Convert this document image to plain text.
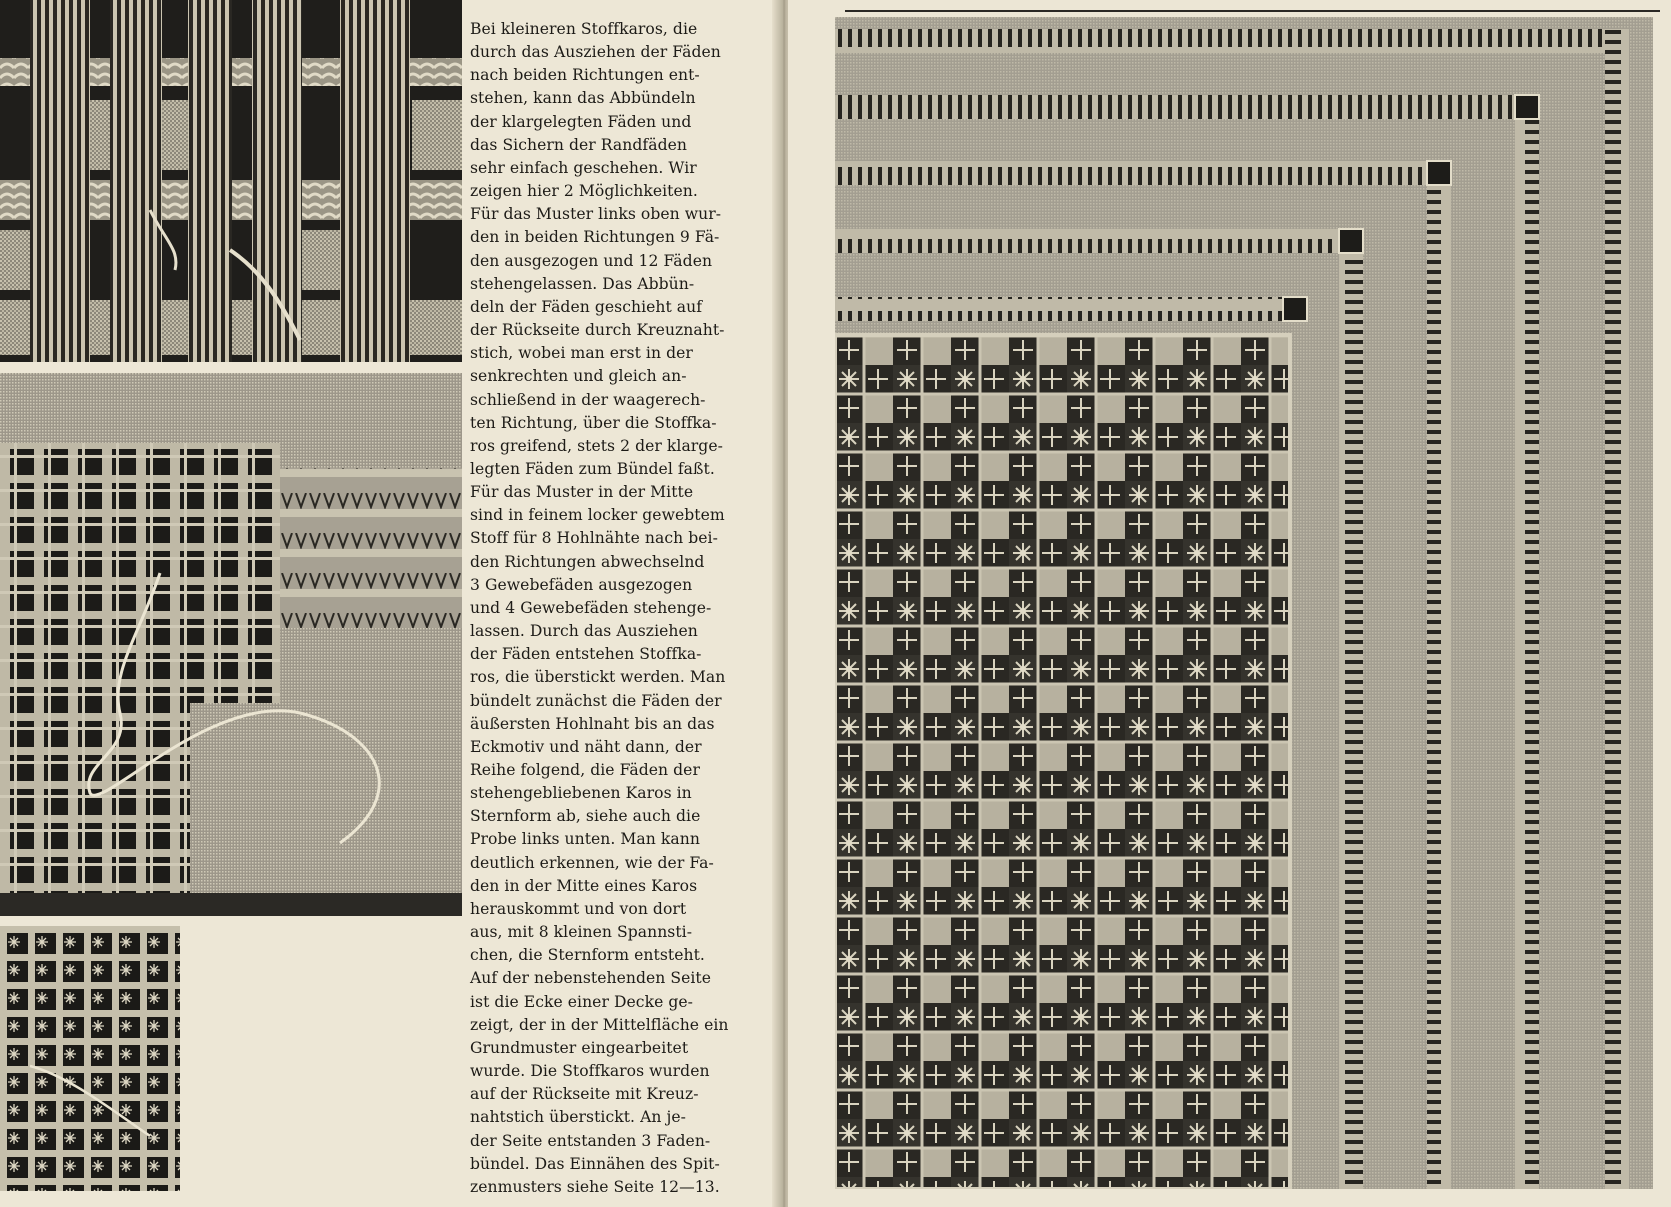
Bei kleineren Stoffkaros, die
durch das Ausziehen der Fäden
nach beiden Richtungen ent-
stehen, kann das Abbündeln
der klargelegten Fäden und
das Sichern der Randfäden
sehr einfach geschehen. Wir
zeigen hier 2 Möglichkeiten.
Für das Muster links oben wur-
den in beiden Richtungen 9 Fä-
den ausgezogen und 12 Fäden
stehengelassen. Das Abbün-
deln der Fäden geschieht auf
der Rückseite durch Kreuznaht-
stich, wobei man erst in der
senkrechten und gleich an-
schließend in der waagerech-
ten Richtung, über die Stoffka-
ros greifend, stets 2 der klarge-
legten Fäden zum Bündel faßt.
Für das Muster in der Mitte
sind in feinem locker gewebtem
Stoff für 8 Hohlnähte nach bei-
den Richtungen abwechselnd
3 Gewebefäden ausgezogen
und 4 Gewebefäden stehenge-
lassen. Durch das Ausziehen
der Fäden entstehen Stoffka-
ros, die überstickt werden. Man
bündelt zunächst die Fäden der
äußersten Hohlnaht bis an das
Eckmotiv und näht dann, der
Reihe folgend, die Fäden der
stehengebliebenen Karos in
Sternform ab, siehe auch die
Probe links unten. Man kann
deutlich erkennen, wie der Fa-
den in der Mitte eines Karos
herauskommt und von dort
aus, mit 8 kleinen Spannsti-
chen, die Sternform entsteht.
Auf der nebenstehenden Seite
ist die Ecke einer Decke ge-
zeigt, der in der Mittelfläche ein
Grundmuster eingearbeitet
wurde. Die Stoffkaros wurden
auf der Rückseite mit Kreuz-
nahtstich überstickt. An je-
der Seite entstanden 3 Faden-
bündel. Das Einnähen des Spit-
zenmusters siehe Seite 12—13.
